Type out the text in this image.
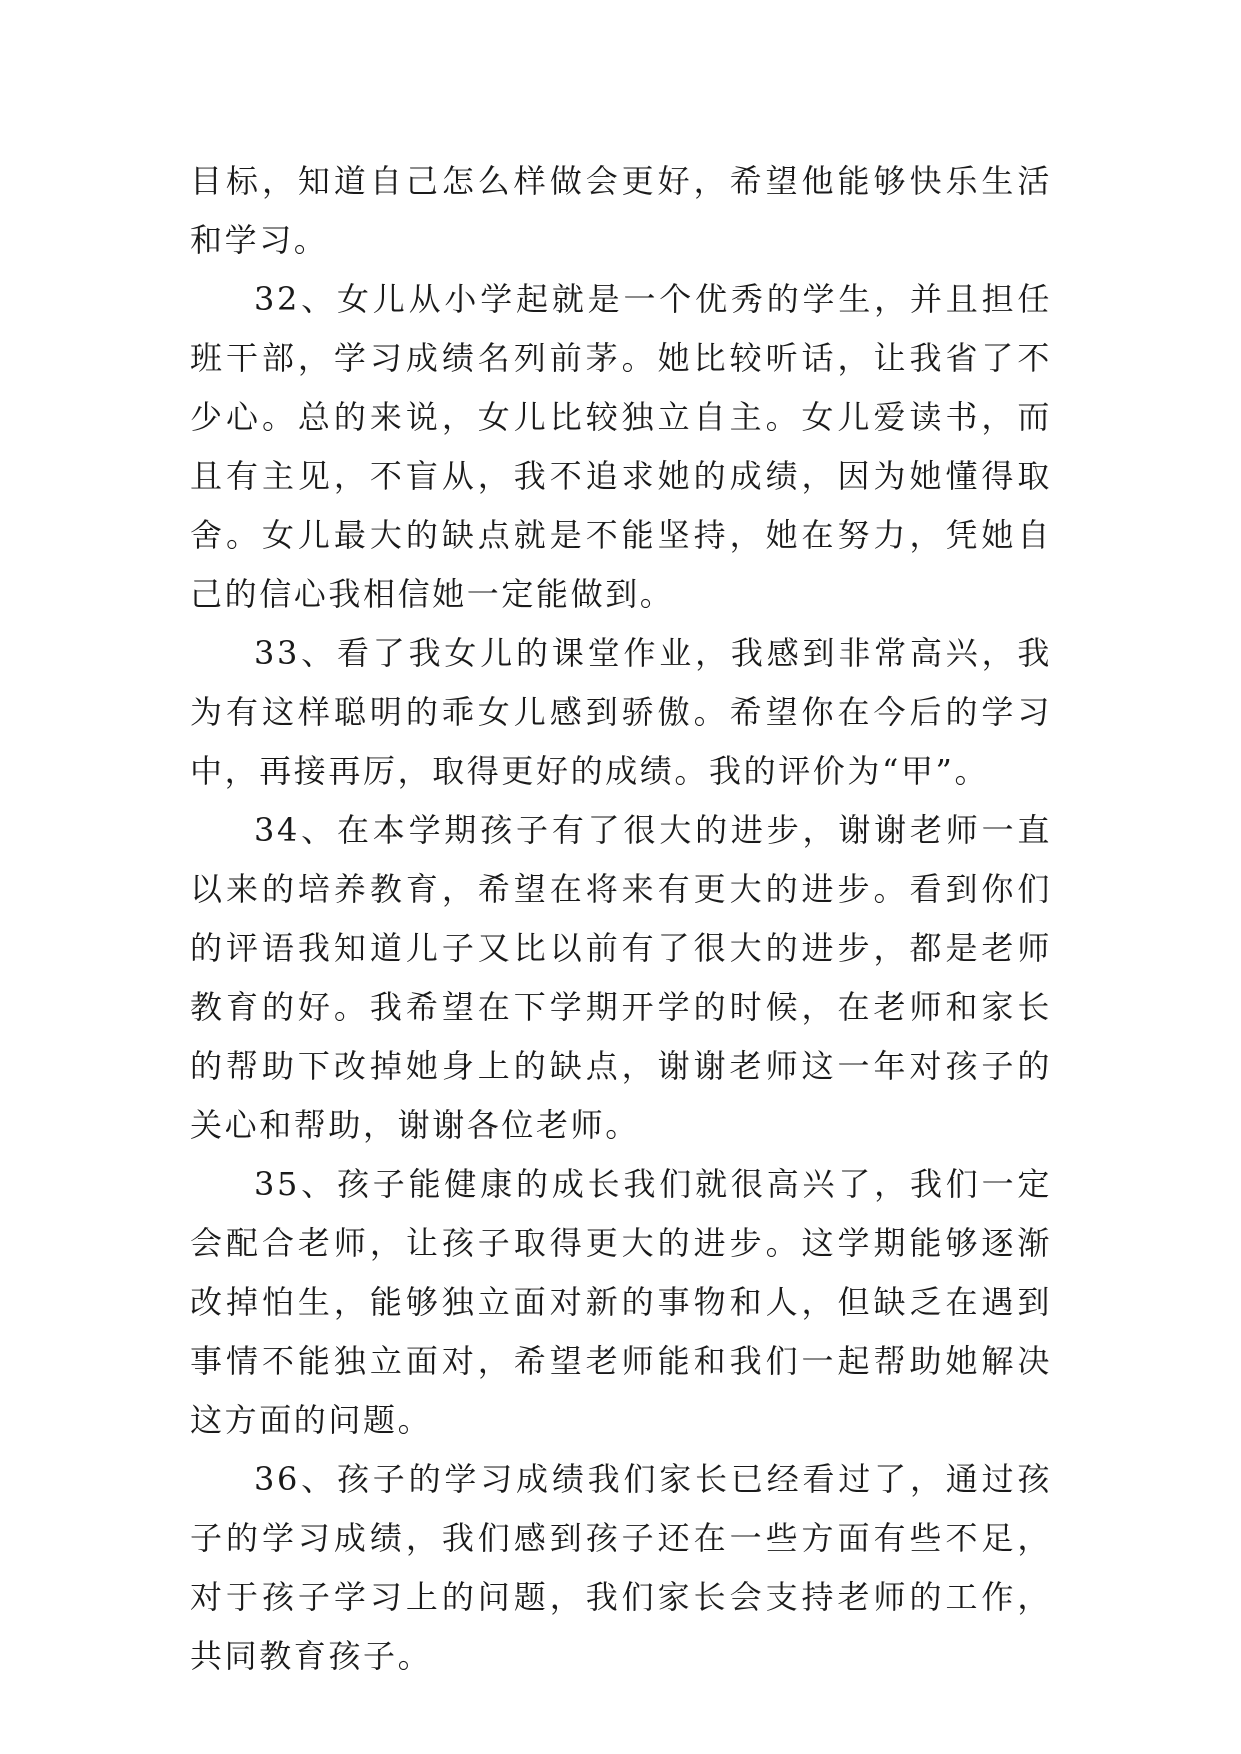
目标，知道自己怎么样做会更好，希望他能够快乐生活和学习。

32、女儿从小学起就是一个优秀的学生，并且担任班干部，学习成绩名列前茅。她比较听话，让我省了不少心。总的来说，女儿比较独立自主。女儿爱读书，而且有主见，不盲从，我不追求她的成绩，因为她懂得取舍。女儿最大的缺点就是不能坚持，她在努力，凭她自己的信心我相信她一定能做到。

33、看了我女儿的课堂作业，我感到非常高兴，我为有这样聪明的乖女儿感到骄傲。希望你在今后的学习中，再接再厉，取得更好的成绩。我的评价为“甲”。

34、在本学期孩子有了很大的进步，谢谢老师一直以来的培养教育，希望在将来有更大的进步。看到你们的评语我知道儿子又比以前有了很大的进步，都是老师教育的好。我希望在下学期开学的时候，在老师和家长的帮助下改掉她身上的缺点，谢谢老师这一年对孩子的关心和帮助，谢谢各位老师。

35、孩子能健康的成长我们就很高兴了，我们一定会配合老师，让孩子取得更大的进步。这学期能够逐渐改掉怕生，能够独立面对新的事物和人，但缺乏在遇到事情不能独立面对，希望老师能和我们一起帮助她解决这方面的问题。

36、孩子的学习成绩我们家长已经看过了，通过孩子的学习成绩，我们感到孩子还在一些方面有些不足，对于孩子学习上的问题，我们家长会支持老师的工作，共同教育孩子。
